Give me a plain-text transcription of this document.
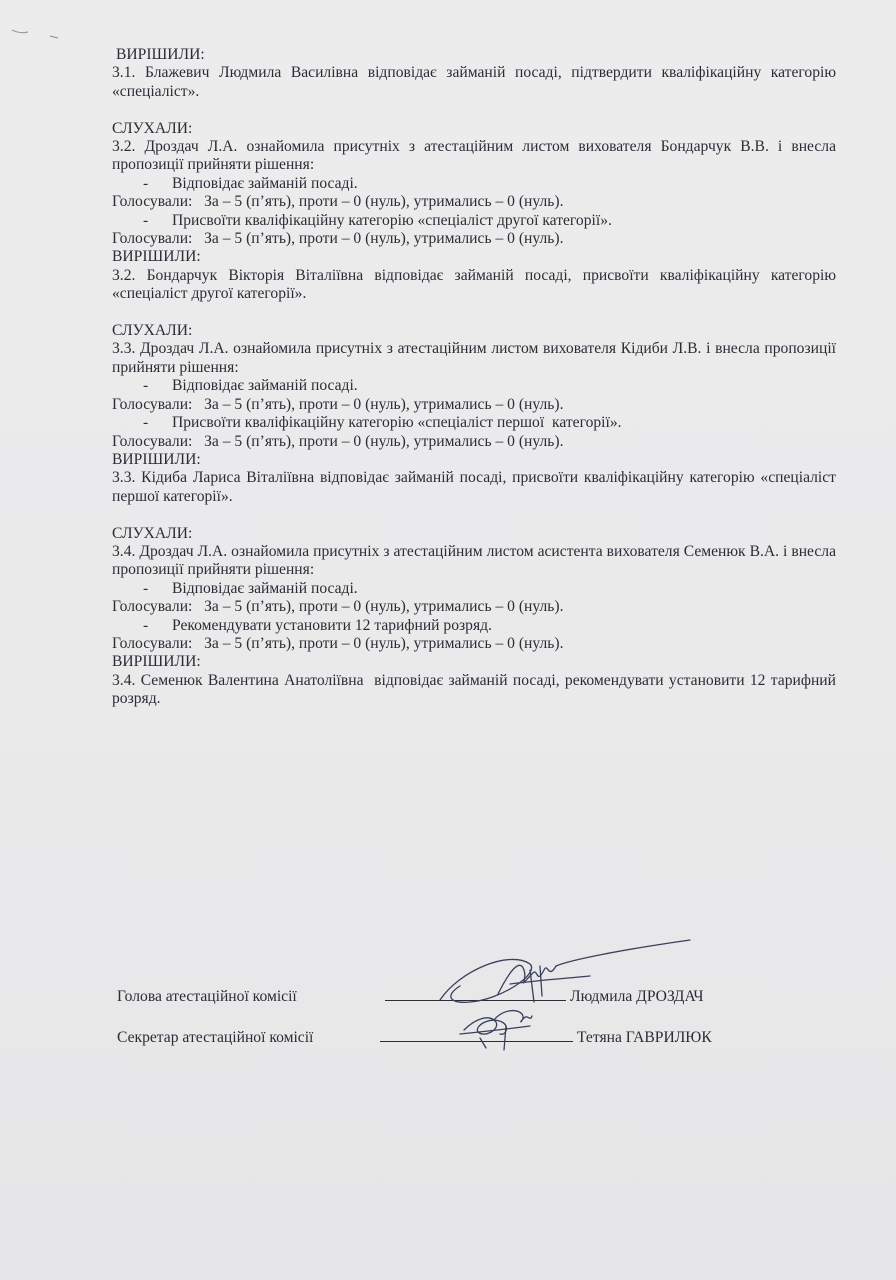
ВИРІШИЛИ:

3.1. Блажевич Людмила Василівна відповідає займаній посаді, підтвердити кваліфікаційну категорію «спеціаліст».

СЛУХАЛИ:

3.2. Дроздач Л.А. ознайомила присутніх з атестаційним листом вихователя Бондарчук В.В. і внесла пропозиції прийняти рішення:

- Відповідає займаній посаді.

Голосували:   За – 5 (п’ять), проти – 0 (нуль), утримались – 0 (нуль).

- Присвоїти кваліфікаційну категорію «спеціаліст другої категорії».

Голосували:   За – 5 (п’ять), проти – 0 (нуль), утримались – 0 (нуль).

ВИРІШИЛИ:

3.2. Бондарчук Вікторія Віталіївна відповідає займаній посаді, присвоїти кваліфікаційну категорію «спеціаліст другої категорії».

СЛУХАЛИ:

3.3. Дроздач Л.А. ознайомила присутніх з атестаційним листом вихователя Кідиби Л.В. і внесла пропозиції прийняти рішення:

- Відповідає займаній посаді.

Голосували:   За – 5 (п’ять), проти – 0 (нуль), утримались – 0 (нуль).

- Присвоїти кваліфікаційну категорію «спеціаліст першої  категорії».

Голосували:   За – 5 (п’ять), проти – 0 (нуль), утримались – 0 (нуль).

ВИРІШИЛИ:

3.3. Кідиба Лариса Віталіївна відповідає займаній посаді, присвоїти кваліфікаційну категорію «спеціаліст першої категорії».

СЛУХАЛИ:

3.4. Дроздач Л.А. ознайомила присутніх з атестаційним листом асистента вихователя Семенюк В.А. і внесла пропозиції прийняти рішення:

- Відповідає займаній посаді.

Голосували:   За – 5 (п’ять), проти – 0 (нуль), утримались – 0 (нуль).

- Рекомендувати установити 12 тарифний розряд.

Голосували:   За – 5 (п’ять), проти – 0 (нуль), утримались – 0 (нуль).

ВИРІШИЛИ:

3.4. Семенюк Валентина Анатоліївна  відповідає займаній посаді, рекомендувати установити 12 тарифний розряд.

Голова атестаційної комісії	Людмила ДРОЗДАЧ
Секретар атестаційної комісії	Тетяна ГАВРИЛЮК
